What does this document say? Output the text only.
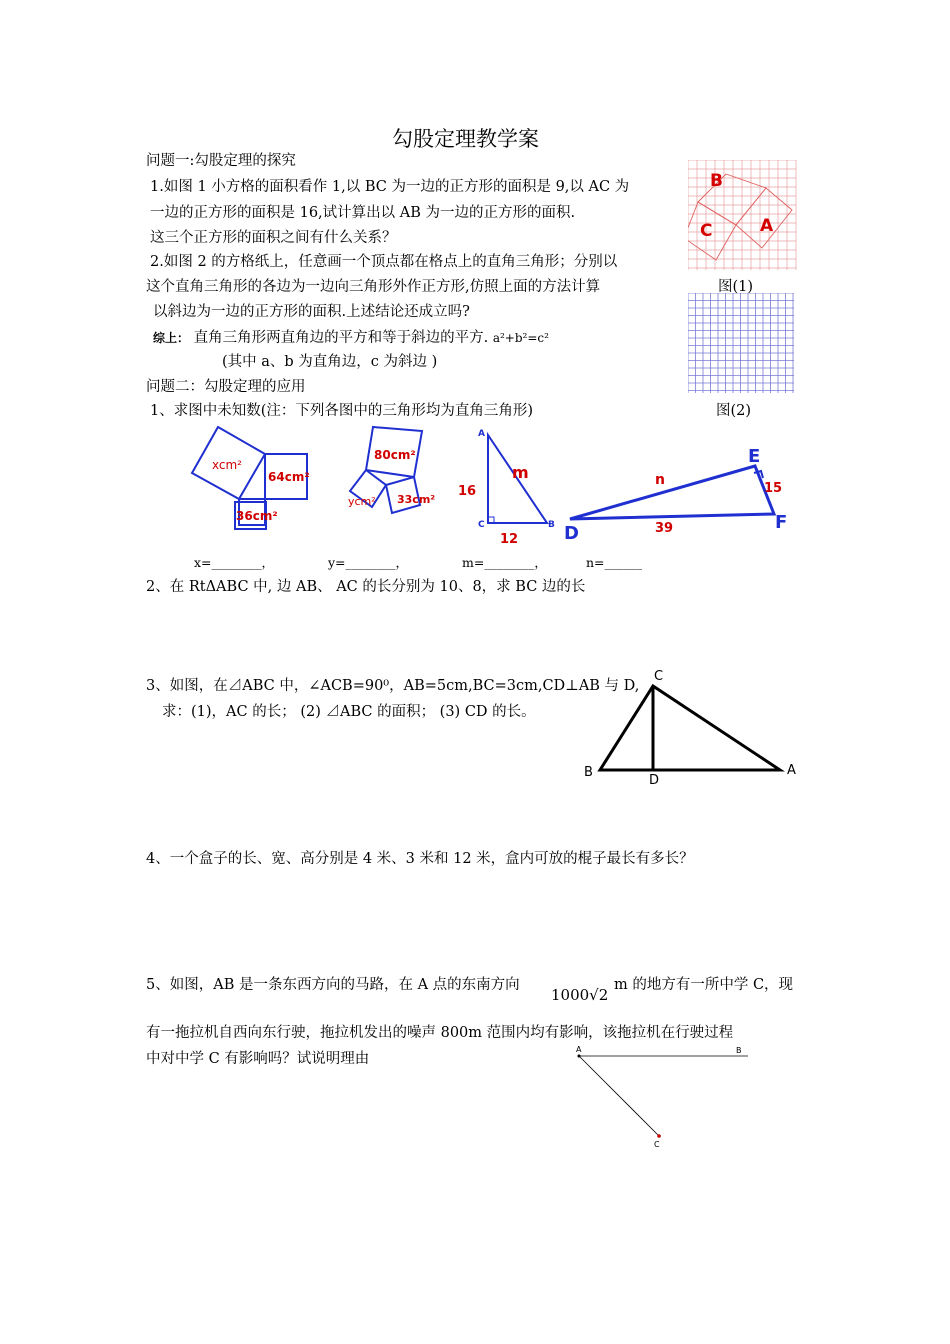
勾股定理教学案
问题一:勾股定理的探究
1.如图 1 小方格的面积看作 1,以 BC 为一边的正方形的面积是 9,以 AC 为
一边的正方形的面积是 16,试计算出以 AB 为一边的正方形的面积.
这三个正方形的面积之间有什么关系？
2.如图 2 的方格纸上，任意画一个顶点都在格点上的直角三角形；分别以
这个直角三角形的各边为一边向三角形外作正方形,仿照上面的方法计算
以斜边为一边的正方形的面积.上述结论还成立吗?
综上： 直角三角形两直角边的平方和等于斜边的平方. a²+b²=c²
(其中 a、b 为直角边，c 为斜边 )
B
C	A
图(1)
图(2)
问题二：勾股定理的应用
1、求图中未知数(注：下列各图中的三角形均为直角三角形)
xcm²
64cm²
36cm²
80cm²
ycm² 33cm²
A
C	B
m
16
12
E
D
F
n
15
39
x=________，	y=________，	m=________，	n=______
2、在 RtΔABC 中, 边 AB、 AC 的长分别为 10、8，求 BC 边的长
3、如图，在⊿ABC 中，∠ACB=90⁰，AB=5cm,BC=3cm,CD⊥AB 与 D,
求：(1)，AC 的长； (2) ⊿ABC 的面积； (3) CD 的长。
C
B
D
A
4、一个盒子的长、宽、高分别是 4 米、3 米和 12 米，盒内可放的棍子最长有多长？
5、如图，AB 是一条东西方向的马路，在 A 点的东南方向
1000√2
m 的地方有一所中学 C，现
有一拖拉机自西向东行驶，拖拉机发出的噪声 800m 范围内均有影响，该拖拉机在行驶过程
中对中学 C 有影响吗？试说明理由
A	B
C
